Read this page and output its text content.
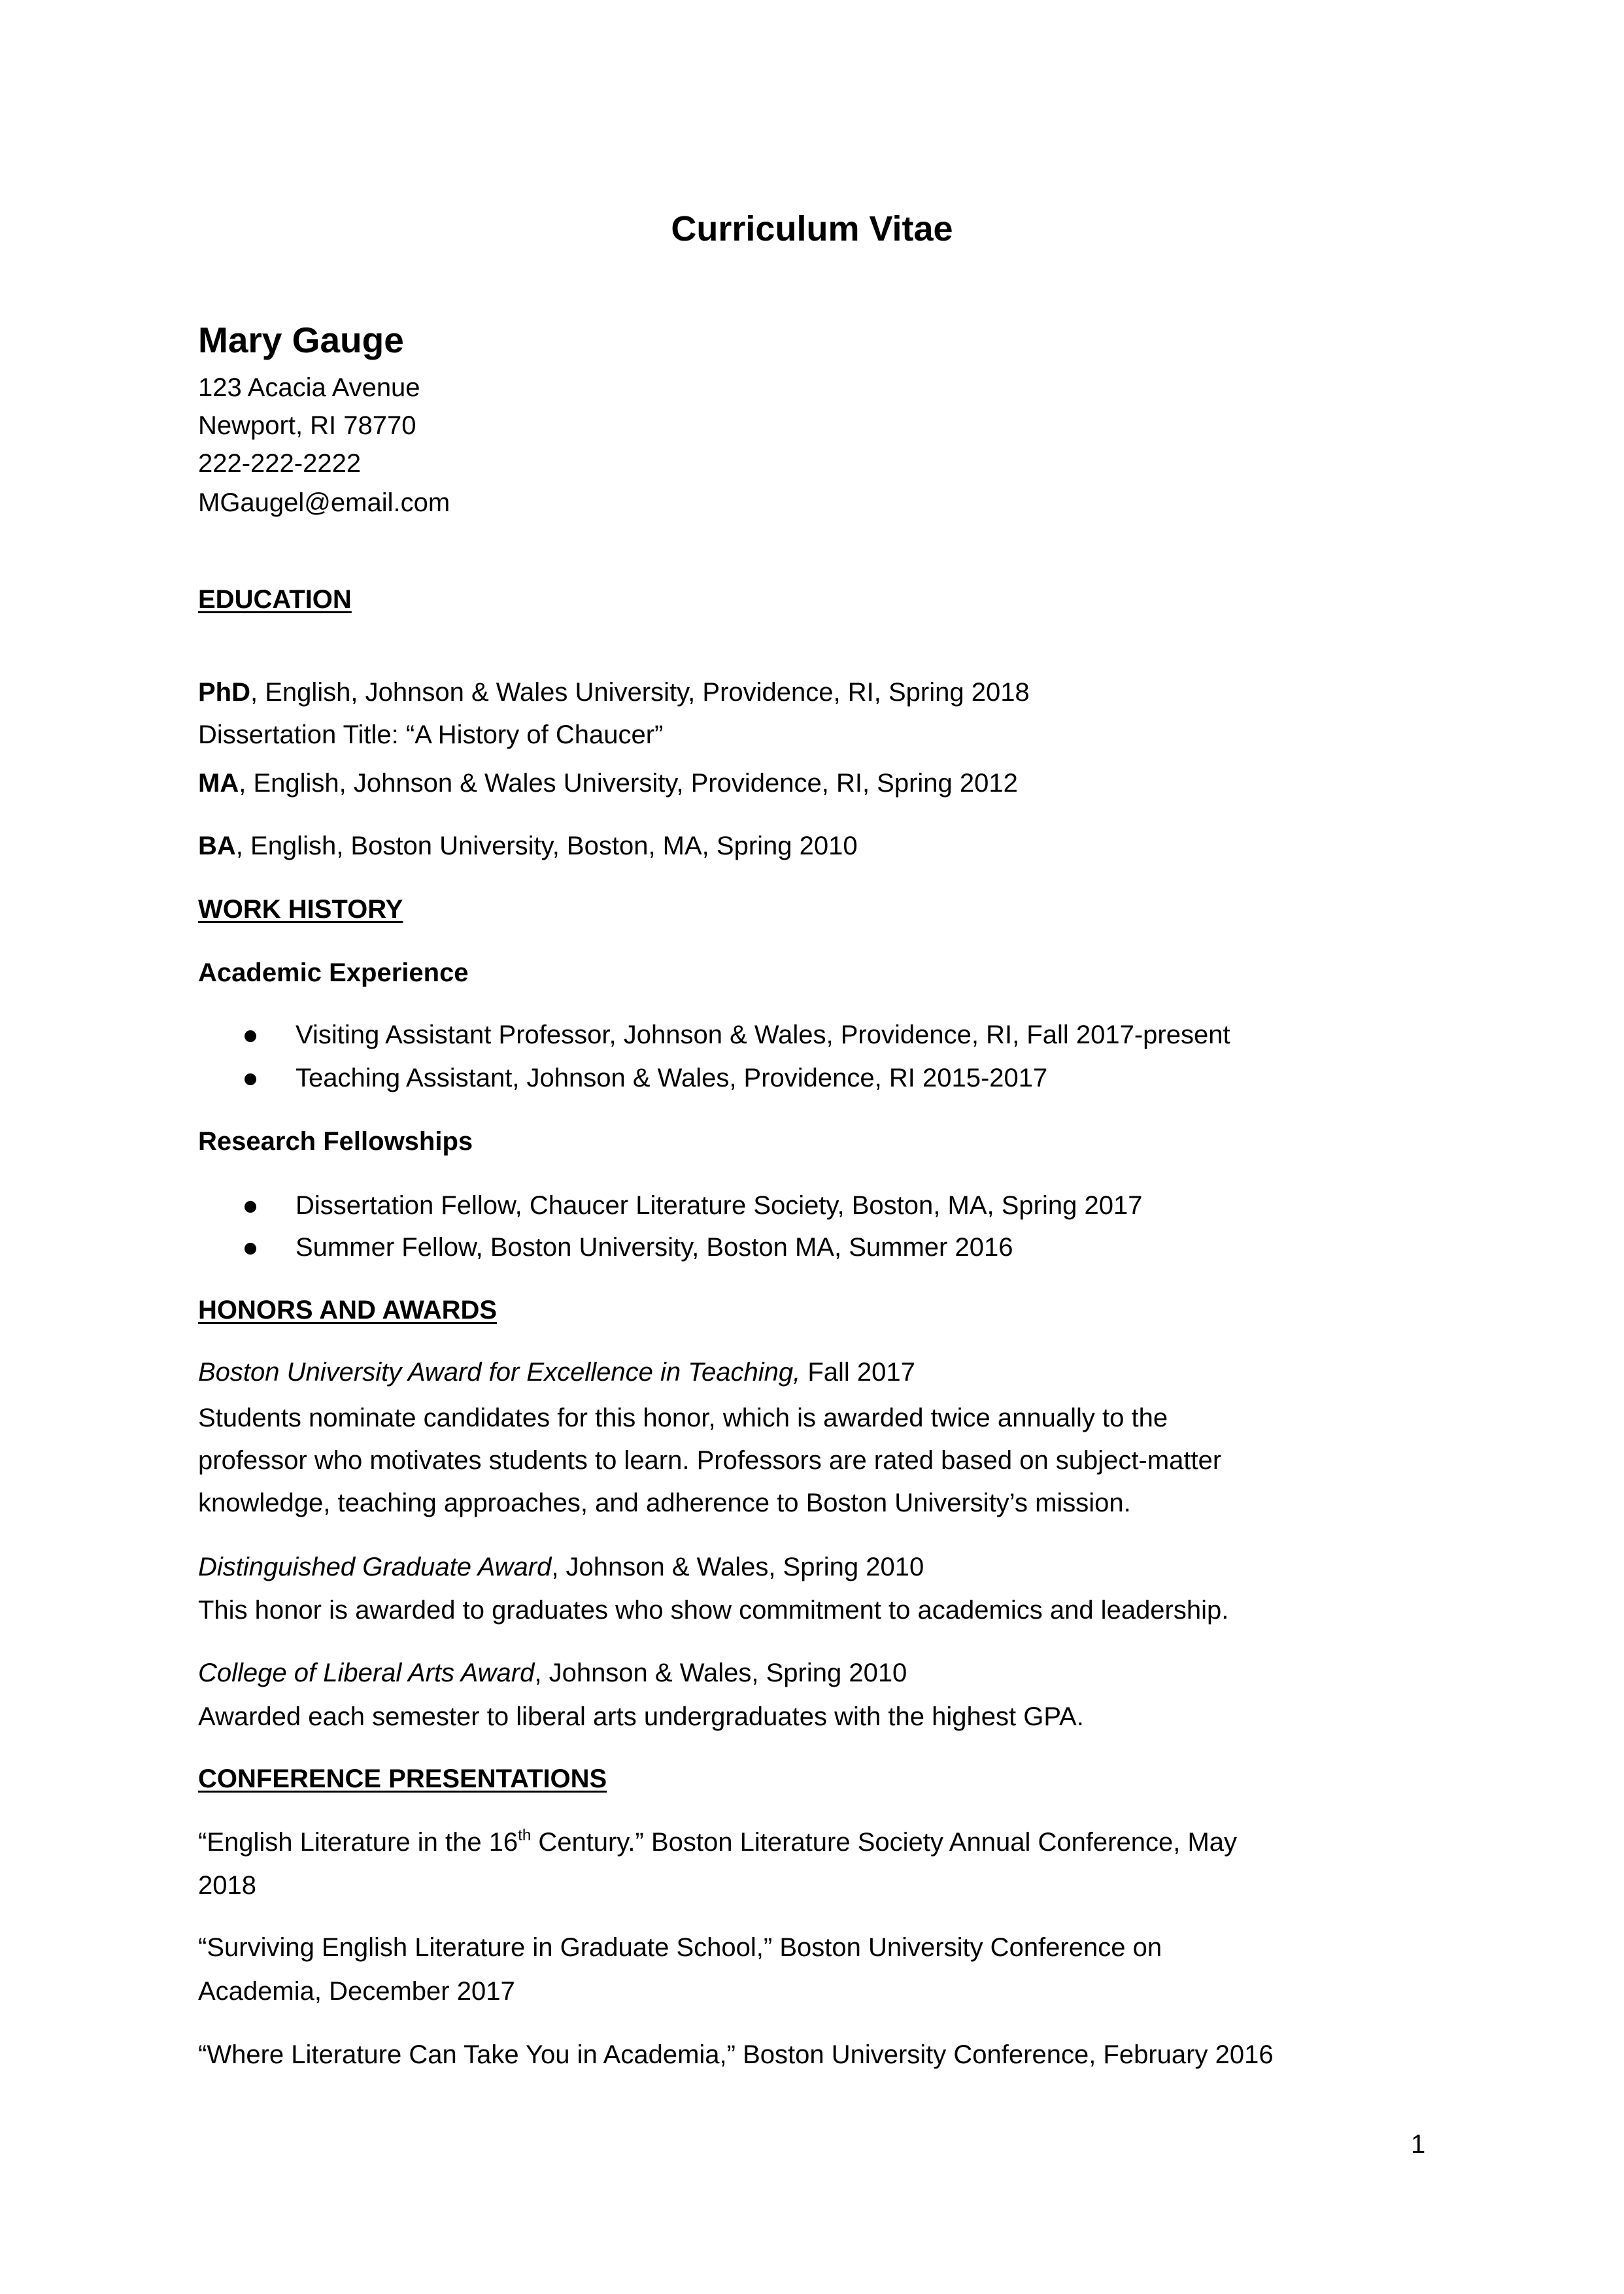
Curriculum Vitae
Mary Gauge
123 Acacia Avenue
Newport, RI 78770
222-222-2222
MGaugel@email.com
EDUCATION
PhD, English, Johnson & Wales University, Providence, RI, Spring 2018
Dissertation Title: “A History of Chaucer”
MA, English, Johnson & Wales University, Providence, RI, Spring 2012
BA, English, Boston University, Boston, MA, Spring 2010
WORK HISTORY
Academic Experience
Visiting Assistant Professor, Johnson & Wales, Providence, RI, Fall 2017-present
Teaching Assistant, Johnson & Wales, Providence, RI 2015-2017
Research Fellowships
Dissertation Fellow, Chaucer Literature Society, Boston, MA, Spring 2017
Summer Fellow, Boston University, Boston MA, Summer 2016
HONORS AND AWARDS
Boston University Award for Excellence in Teaching, Fall 2017
Students nominate candidates for this honor, which is awarded twice annually to the
professor who motivates students to learn. Professors are rated based on subject-matter
knowledge, teaching approaches, and adherence to Boston University’s mission.
Distinguished Graduate Award, Johnson & Wales, Spring 2010
This honor is awarded to graduates who show commitment to academics and leadership.
College of Liberal Arts Award, Johnson & Wales, Spring 2010
Awarded each semester to liberal arts undergraduates with the highest GPA.
CONFERENCE PRESENTATIONS
“English Literature in the 16th Century.” Boston Literature Society Annual Conference, May
2018
“Surviving English Literature in Graduate School,” Boston University Conference on
Academia, December 2017
“Where Literature Can Take You in Academia,” Boston University Conference, February 2016
1
